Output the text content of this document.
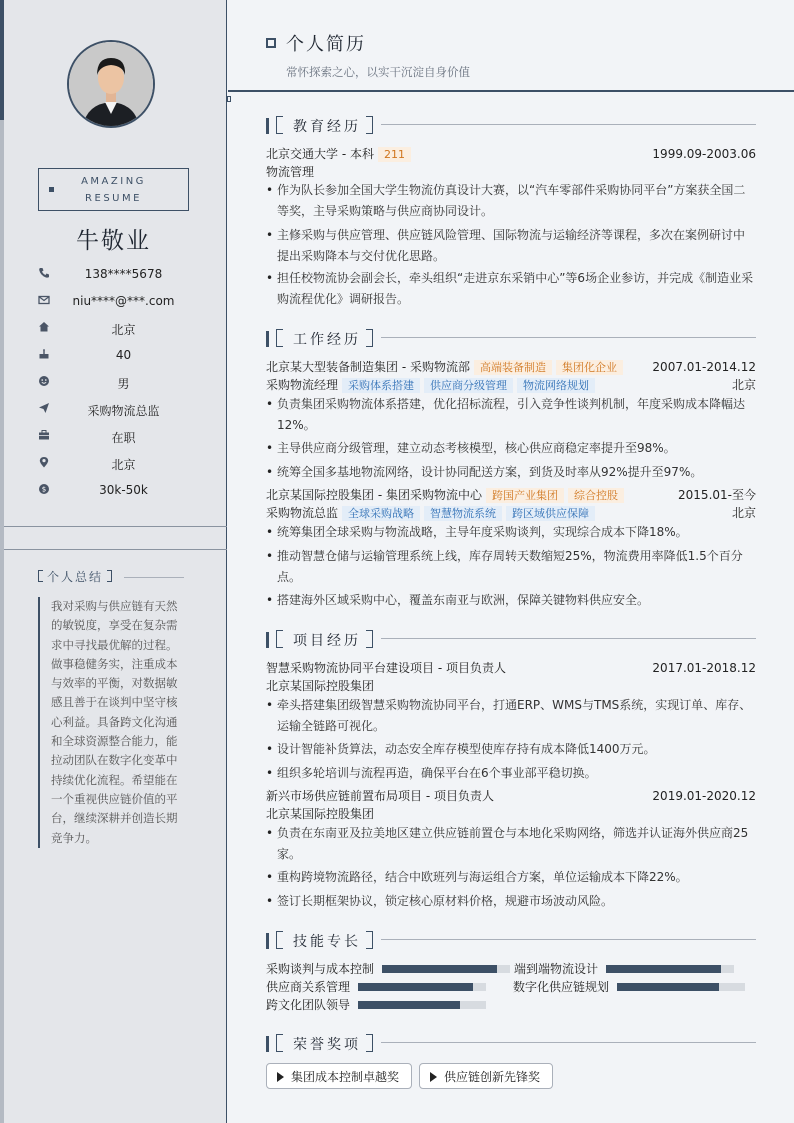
AMAZING
RESUME
牛敬业
138****5678
niu****@***.com
北京
40
男
采购物流总监
在职
北京
$	30k-50k
个人总结
我对采购与供应链有天然的敏锐度，享受在复杂需求中寻找最优解的过程。做事稳健务实，注重成本与效率的平衡，对数据敏感且善于在谈判中坚守核心利益。具备跨文化沟通和全球资源整合能力，能拉动团队在数字化变革中持续优化流程。希望能在一个重视供应链价值的平台，继续深耕并创造长期竞争力。
个人简历
常怀探索之心，以实干沉淀自身价值
教育经历
北京交通大学 - 本科 211	1999.09-2003.06
物流管理
• 作为队长参加全国大学生物流仿真设计大赛，以“汽车零部件采购协同平台”方案获全国二等奖，主导采购策略与供应商协同设计。
• 主修采购与供应管理、供应链风险管理、国际物流与运输经济等课程，多次在案例研讨中提出采购降本与交付优化思路。
• 担任校物流协会副会长，牵头组织“走进京东采销中心”等6场企业参访，并完成《制造业采购流程优化》调研报告。
工作经历
北京某大型装备制造集团 - 采购物流部 高端装备制造 集团化企业	2007.01-2014.12
采购物流经理 采购体系搭建 供应商分级管理 物流网络规划	北京
• 负责集团采购物流体系搭建，优化招标流程，引入竞争性谈判机制，年度采购成本降幅达12%。
• 主导供应商分级管理，建立动态考核模型，核心供应商稳定率提升至98%。
• 统筹全国多基地物流网络，设计协同配送方案，到货及时率从92%提升至97%。
北京某国际控股集团 - 集团采购物流中心 跨国产业集团 综合控股	2015.01-至今
采购物流总监 全球采购战略 智慧物流系统 跨区域供应保障	北京
• 统筹集团全球采购与物流战略，主导年度采购谈判，实现综合成本下降18%。
• 推动智慧仓储与运输管理系统上线，库存周转天数缩短25%，物流费用率降低1.5个百分点。
• 搭建海外区域采购中心，覆盖东南亚与欧洲，保障关键物料供应安全。
项目经历
智慧采购物流协同平台建设项目 - 项目负责人	2017.01-2018.12
北京某国际控股集团
• 牵头搭建集团级智慧采购物流协同平台，打通ERP、WMS与TMS系统，实现订单、库存、运输全链路可视化。
• 设计智能补货算法，动态安全库存模型使库存持有成本降低1400万元。
• 组织多轮培训与流程再造，确保平台在6个事业部平稳切换。
新兴市场供应链前置布局项目 - 项目负责人	2019.01-2020.12
北京某国际控股集团
• 负责在东南亚及拉美地区建立供应链前置仓与本地化采购网络，筛选并认证海外供应商25家。
• 重构跨境物流路径，结合中欧班列与海运组合方案，单位运输成本下降22%。
• 签订长期框架协议，锁定核心原材料价格，规避市场波动风险。
技能专长
采购谈判与成本控制	端到端物流设计
供应商关系管理	数字化供应链规划
跨文化团队领导
荣誉奖项
集团成本控制卓越奖	供应链创新先锋奖
